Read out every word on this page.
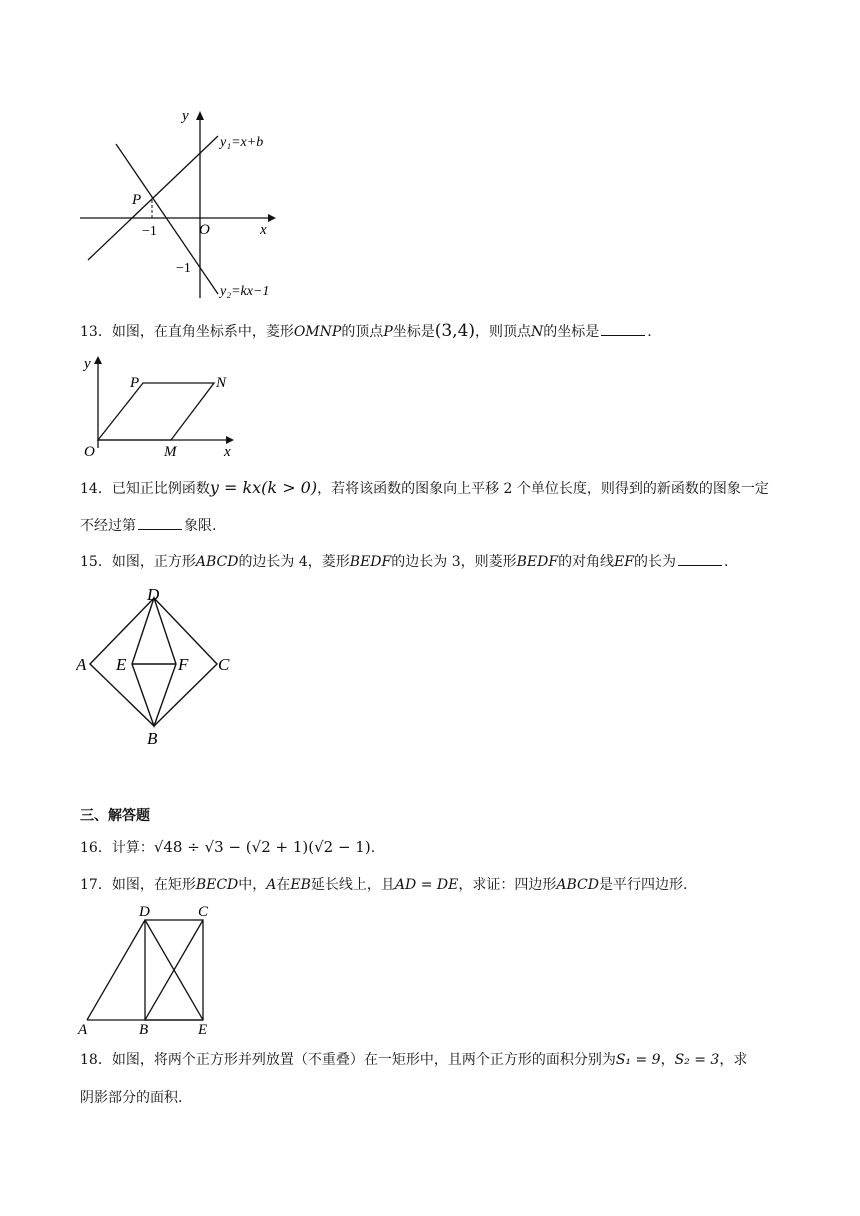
y
x
O
P
y₁=x+b
y₂=kx−1
−1
−1
13．如图，在直角坐标系中，菱形OMNP的顶点P坐标是(3,4)，则顶点N的坐标是	.
y
x
O
P	N
M
14．已知正比例函数y = kx(k > 0)，若将该函数的图象向上平移 2 个单位长度，则得到的新函数的图象一定
不经过第	象限.
15．如图，正方形ABCD的边长为 4，菱形BEDF的边长为 3，则菱形BEDF的对角线EF的长为	.
D
A	C
E	F
B
三、解答题
16．计算：√48 ÷ √3 − (√2 + 1)(√2 − 1).
17．如图，在矩形BECD中，A在EB延长线上，且AD = DE，求证：四边形ABCD是平行四边形.
D	C
A	B	E
18．如图，将两个正方形并列放置（不重叠）在一矩形中，且两个正方形的面积分别为S₁ = 9，S₂ = 3，求
阴影部分的面积.
